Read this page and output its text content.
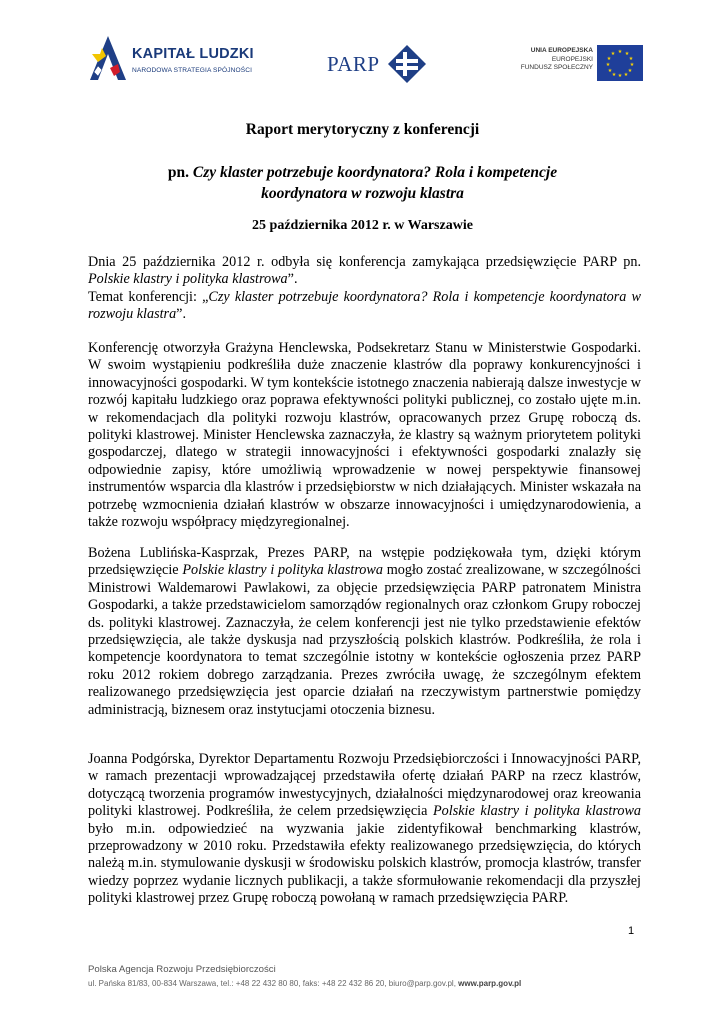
KAPITAŁ LUDZKI
NARODOWA STRATEGIA SPÓJNOŚCI	PARP
UNIA EUROPEJSKA
EUROPEJSKI
FUNDUSZ SPOŁECZNY
★ ★
★
★
★
★
★
★
★
★
★
★
Raport merytoryczny z konferencji
pn. Czy klaster potrzebuje koordynatora? Rola i kompetencje koordynatora w rozwoju klastra
25 października 2012 r. w Warszawie

Dnia 25 października 2012 r. odbyła się konferencja zamykająca przedsięwzięcie PARP pn. Polskie klastry i polityka klastrowa”.

Temat konferencji: „Czy klaster potrzebuje koordynatora? Rola i kompetencje koordynatora w rozwoju klastra”.

Konferencję otworzyła Grażyna Henclewska, Podsekretarz Stanu w Ministerstwie Gospodarki. W swoim wystąpieniu podkreśliła duże znaczenie klastrów dla poprawy konkurencyjności i innowacyjności gospodarki. W tym kontekście istotnego znaczenia nabierają dalsze inwestycje w rozwój kapitału ludzkiego oraz poprawa efektywności polityki publicznej, co zostało ujęte m.in. w rekomendacjach dla polityki rozwoju klastrów, opracowanych przez Grupę roboczą ds. polityki klastrowej. Minister Henclewska zaznaczyła, że klastry są ważnym priorytetem polityki gospodarczej, dlatego w strategii innowacyjności i efektywności gospodarki znalazły się odpowiednie zapisy, które umożliwią wprowadzenie w nowej perspektywie finansowej instrumentów wsparcia dla klastrów i przedsiębiorstw w nich działających. Minister wskazała na potrzebę wzmocnienia działań klastrów w obszarze innowacyjności i umiędzynarodowienia, a także rozwoju współpracy międzyregionalnej.

Bożena Lublińska-Kasprzak, Prezes PARP, na wstępie podziękowała tym, dzięki którym przedsięwzięcie Polskie klastry i polityka klastrowa mogło zostać zrealizowane, w szczególności Ministrowi Waldemarowi Pawlakowi, za objęcie przedsięwzięcia PARP patronatem Ministra Gospodarki, a także przedstawicielom samorządów regionalnych oraz członkom Grupy roboczej ds. polityki klastrowej. Zaznaczyła, że celem konferencji jest nie tylko przedstawienie efektów przedsięwzięcia, ale także dyskusja nad przyszłością polskich klastrów. Podkreśliła, że rola i kompetencje koordynatora to temat szczególnie istotny w kontekście ogłoszenia przez PARP roku 2012 rokiem dobrego zarządzania. Prezes zwróciła uwagę, że szczególnym efektem realizowanego przedsięwzięcia jest oparcie działań na rzeczywistym partnerstwie pomiędzy administracją, biznesem oraz instytucjami otoczenia biznesu.

Joanna Podgórska, Dyrektor Departamentu Rozwoju Przedsiębiorczości i Innowacyjności PARP, w ramach prezentacji wprowadzającej przedstawiła ofertę działań PARP na rzecz klastrów, dotyczącą tworzenia programów inwestycyjnych, działalności międzynarodowej oraz kreowania polityki klastrowej. Podkreśliła, że celem przedsięwzięcia Polskie klastry i polityka klastrowa było m.in. odpowiedzieć na wyzwania jakie zidentyfikował benchmarking klastrów, przeprowadzony w 2010 roku. Przedstawiła efekty realizowanego przedsięwzięcia, do których należą m.in. stymulowanie dyskusji w środowisku polskich klastrów, promocja klastrów, transfer wiedzy poprzez wydanie licznych publikacji, a także sformułowanie rekomendacji dla przyszłej polityki klastrowej przez Grupę roboczą powołaną w ramach przedsięwzięcia PARP.

1
Polska Agencja Rozwoju Przedsiębiorczości
ul. Pańska 81/83, 00-834 Warszawa, tel.: +48 22 432 80 80, faks: +48 22 432 86 20, biuro@parp.gov.pl, www.parp.gov.pl
